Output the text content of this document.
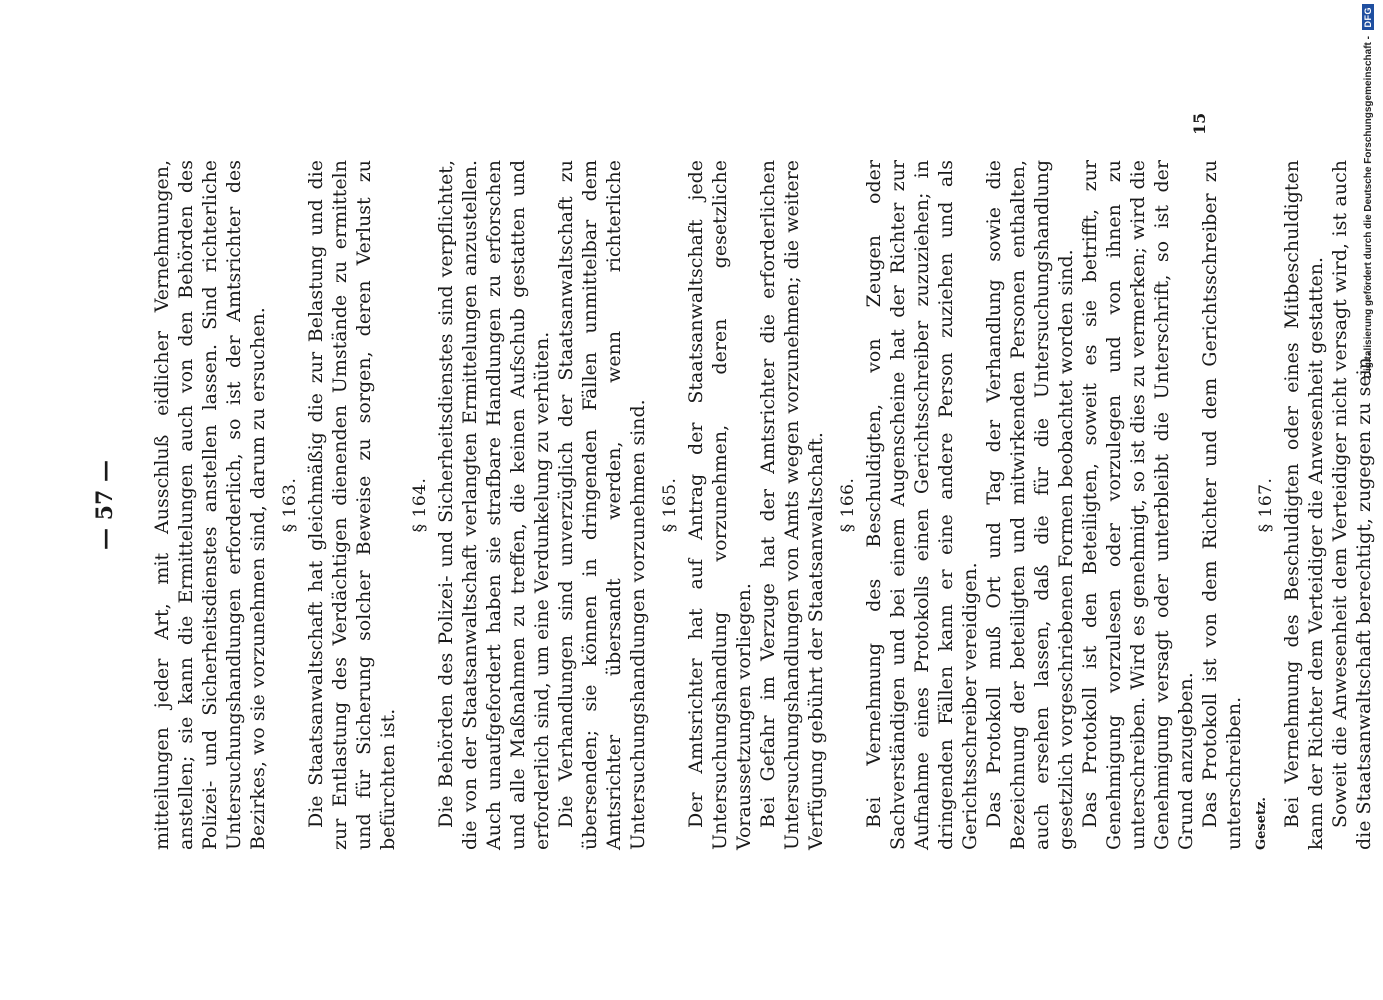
— 57 — mitteilungen jeder Art, mit Ausschluß eidlicher Vernehmungen, anstellen; sie kann die Ermittelungen auch von den Behörden des Polizei- und Sicherheitsdienstes anstellen lassen. Sind richterliche Untersuchungshandlungen erforderlich, so ist der Amtsrichter des Bezirkes, wo sie vorzunehmen sind, darum zu ersuchen. § 163. Die Staatsanwaltschaft hat gleichmäßig die zur Belastung und die zur Entlastung des Verdächtigen dienenden Umstände zu ermitteln und für Sicherung solcher Beweise zu sorgen, deren Verlust zu befürchten ist.

§ 164. Die Behörden des Polizei- und Sicherheitsdienstes sind verpflichtet, die von der Staatsanwaltschaft verlangten Ermittelungen anzustellen. Auch unaufgefordert haben sie strafbare Handlungen zu erforschen und alle Maßnahmen zu treffen, die keinen Aufschub gestatten und erforderlich sind, um eine Verdunkelung zu verhüten. Die Verhandlungen sind unverzüglich der Staatsanwaltschaft zu übersenden; sie können in dringenden Fällen unmittelbar dem Amtsrichter übersandt werden, wenn richterliche Untersuchungshandlungen vorzunehmen sind. § 165. Der Amtsrichter hat auf Antrag der Staatsanwaltschaft jede Untersuchungshandlung vorzunehmen, deren gesetzliche Voraussetzungen vorliegen. Bei Gefahr im Verzuge hat der Amtsrichter die erforderlichen Untersuchungshandlungen von Amts wegen vorzunehmen; die weitere Verfügung gebührt der Staatsanwaltschaft. § 166. Bei Vernehmung des Beschuldigten, von Zeugen oder Sachverständigen und bei einem Augenscheine hat der Richter zur Aufnahme eines Protokolls einen Gerichtsschreiber zuzuziehen; in dringenden Fällen kann er eine andere Person zuziehen und als Gerichtsschreiber vereidigen. Das Protokoll muß Ort und Tag der Verhandlung sowie die Bezeichnung der beteiligten und mitwirkenden Personen enthalten, auch ersehen lassen, daß die für die Untersuchungshandlung gesetzlich vorgeschriebenen Formen beobachtet worden sind. Das Protokoll ist den Beteiligten, soweit es sie betrifft, zur Genehmigung vorzulesen oder vorzulegen und von ihnen zu unterschreiben. Wird es genehmigt, so ist dies zu vermerken; wird die Genehmigung versagt oder unterbleibt die Unterschrift, so ist der Grund anzugeben. Das Protokoll ist von dem Richter und dem Gerichtsschreiber zu unterschreiben.

§ 167. Bei Vernehmung des Beschuldigten oder eines Mitbeschuldigten kann der Richter dem Verteidiger die Anwesenheit gestatten. Soweit die Anwesenheit dem Verteidiger nicht versagt wird, ist auch die Staatsanwaltschaft berechtigt, zugegen zu sein.

Gesetz.
15	Digitalisierung gefördert durch die Deutsche Forschungsgemeinschaft -
DFG
